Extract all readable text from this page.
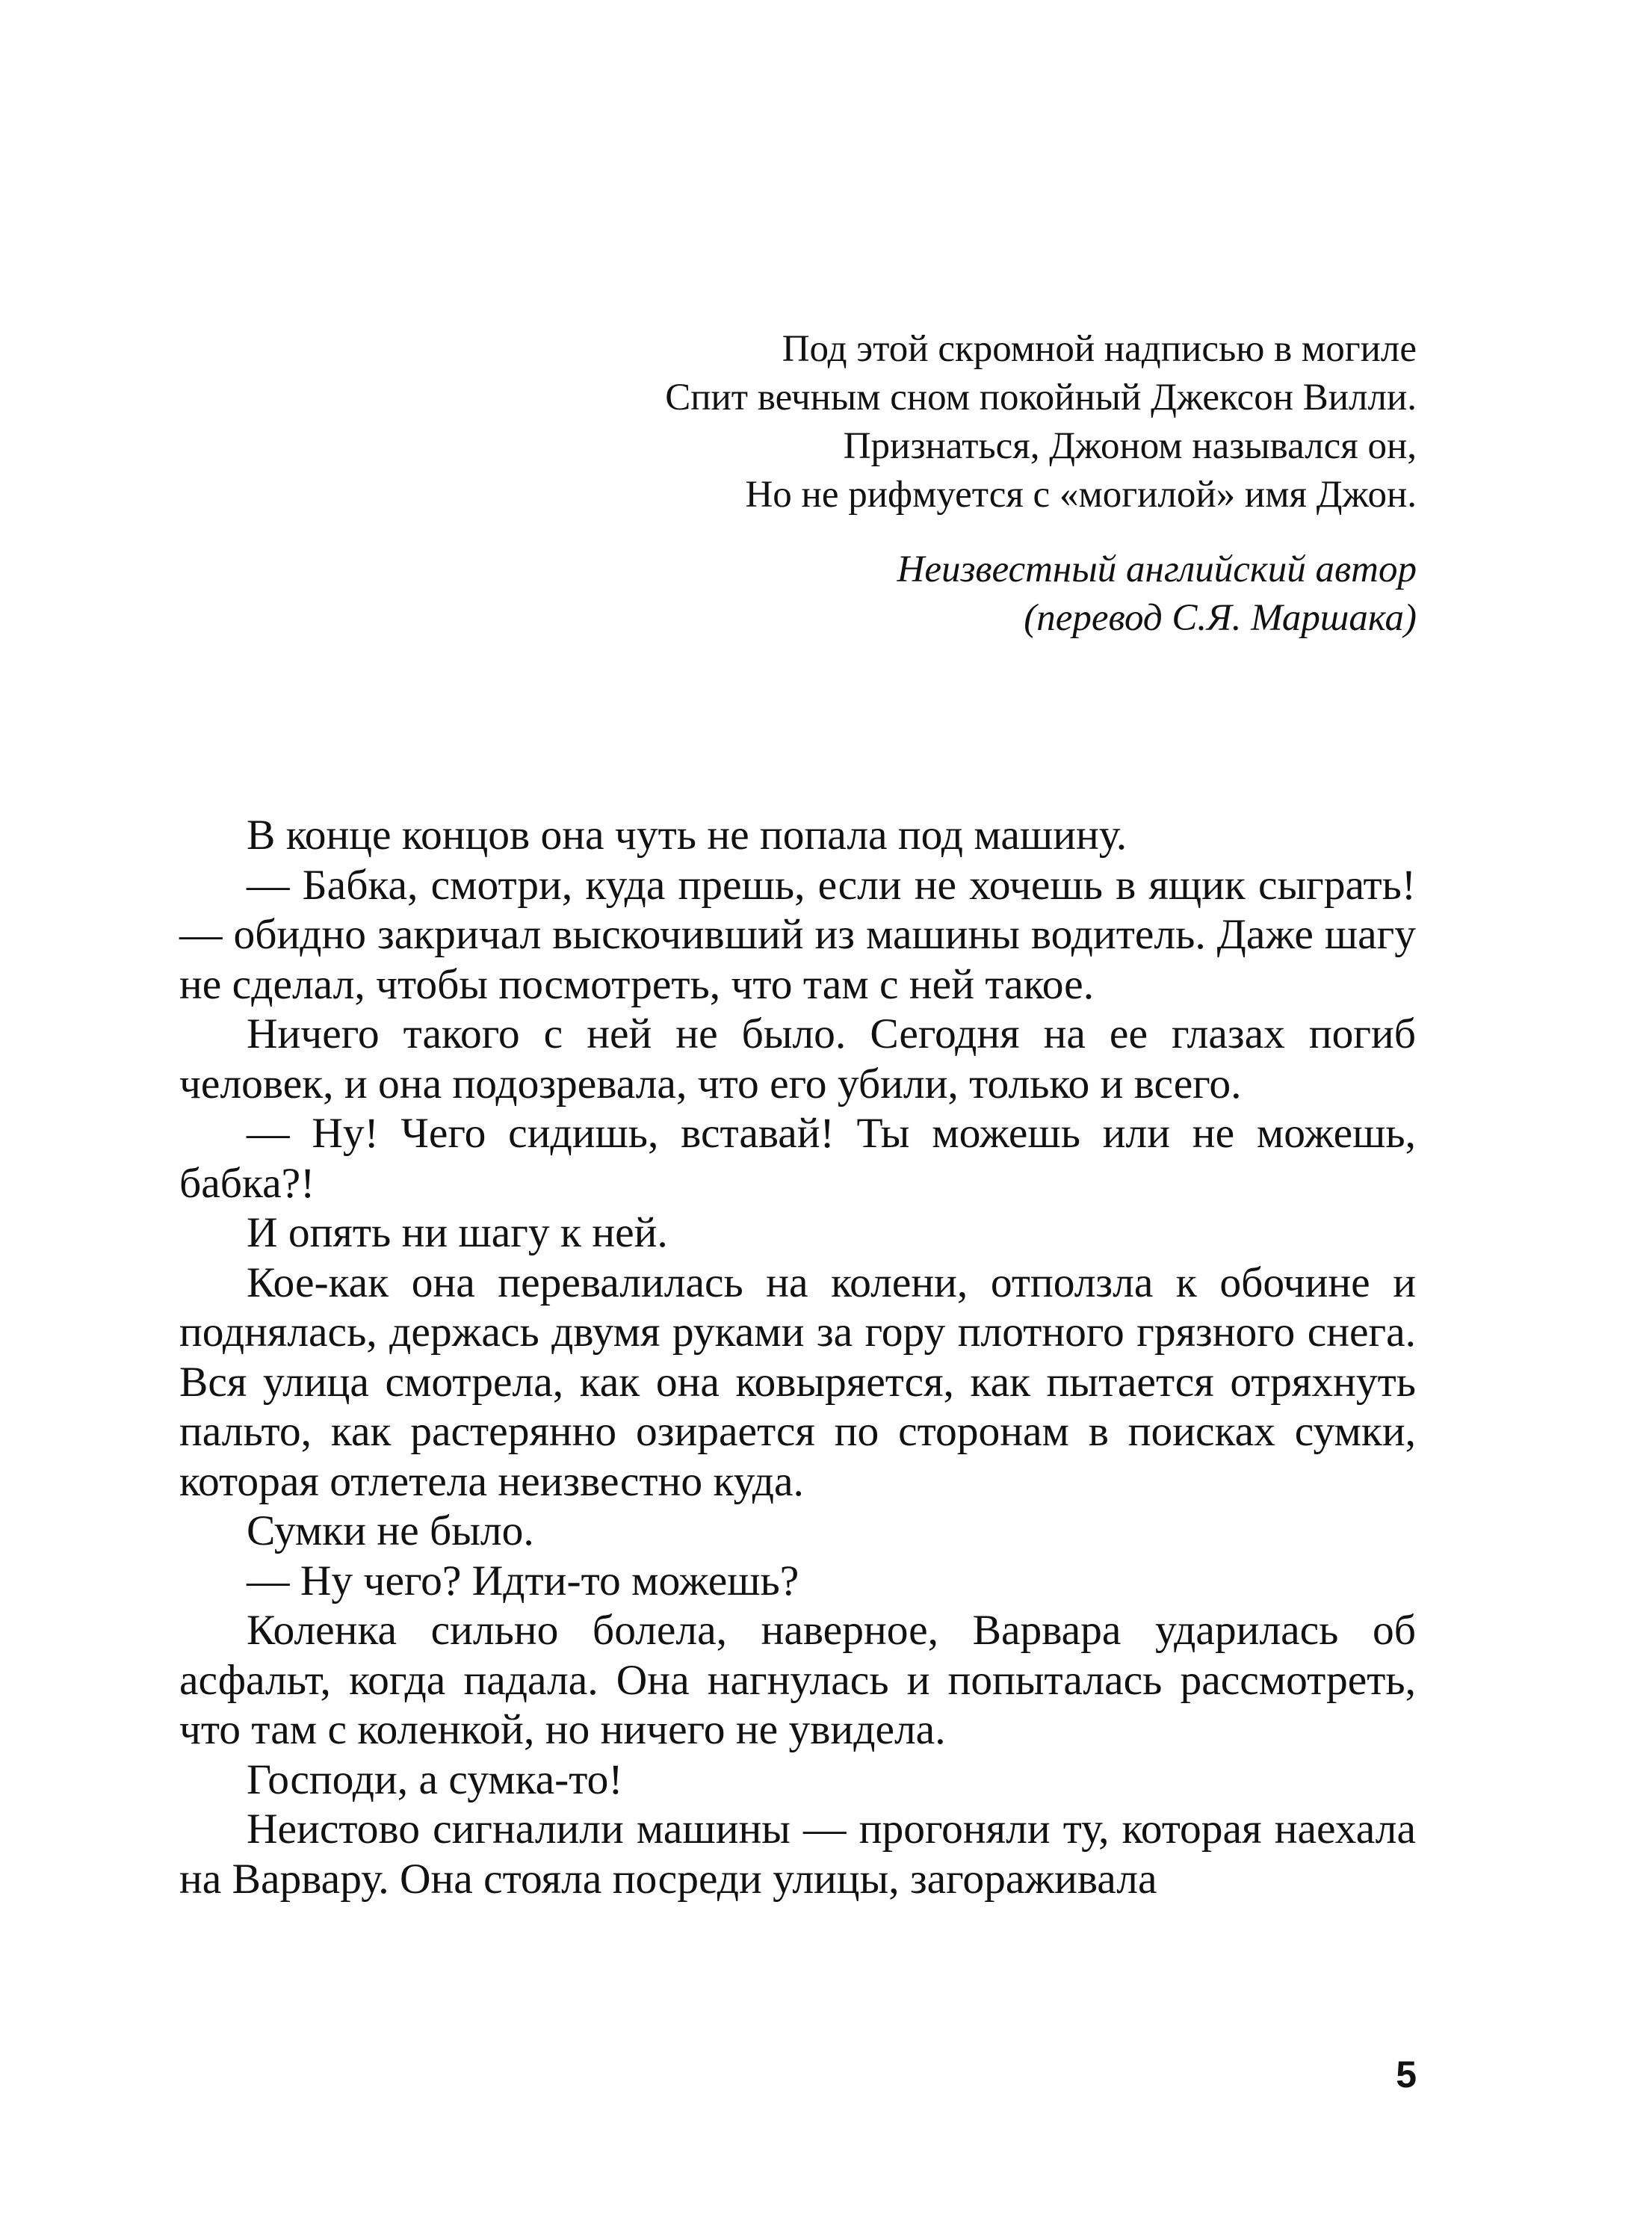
Под этой скромной надписью в могиле
Спит вечным сном покойный Джексон Вилли.
Признаться, Джоном назывался он,
Но не рифмуется с «могилой» имя Джон.
Неизвестный английский автор
(перевод С.Я. Маршака)

В конце концов она чуть не попала под машину.

— Бабка, смотри, куда прешь, если не хочешь в ящик сыграть! — обидно закричал выскочивший из машины водитель. Даже шагу не сделал, чтобы посмотреть, что там с ней такое.

Ничего такого с ней не было. Сегодня на ее глазах погиб человек, и она подозревала, что его убили, только и всего.

— Ну! Чего сидишь, вставай! Ты можешь или не можешь, бабка?!

И опять ни шагу к ней.

Кое-как она перевалилась на колени, отползла к обочине и поднялась, держась двумя руками за гору плотного грязного снега. Вся улица смотрела, как она ковыряется, как пытается отряхнуть пальто, как растерянно озирается по сторонам в поисках сумки, которая отлетела неизвестно куда.

Сумки не было.

— Ну чего? Идти-то можешь?

Коленка сильно болела, наверное, Варвара ударилась об асфальт, когда падала. Она нагнулась и попыталась рассмотреть, что там с коленкой, но ничего не увидела.

Господи, а сумка-то!

Неистово сигналили машины — прогоняли ту, которая наехала на Варвару. Она стояла посреди улицы, загораживала

5
